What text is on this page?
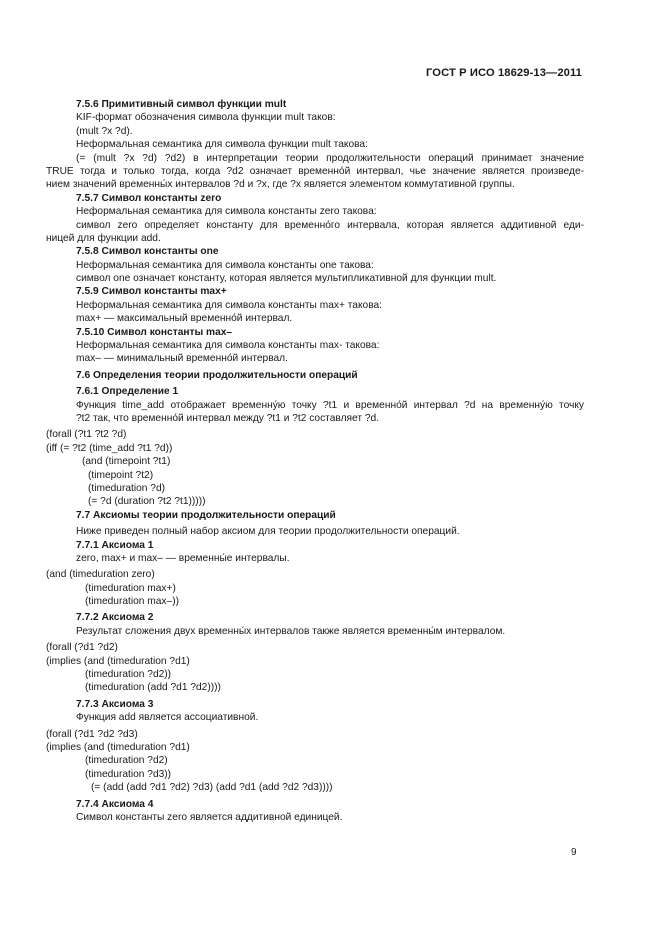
ГОСТ Р ИСО 18629-13—2011
7.5.6 Примитивный символ функции mult
KIF-формат обозначения символа функции mult таков:
(mult ?x ?d).
Неформальная семантика для символа функции mult такова:
(= (mult ?x ?d) ?d2) в интерпретации теории продолжительности операций принимает значение
TRUE тогда и только тогда, когда ?d2 означает временно́й интервал, чье значение является произведе-
нием значений временны́х интервалов ?d и ?x, где ?x является элементом коммутативной группы.
7.5.7 Символ константы zero
Неформальная семантика для символа константы zero такова:
символ zero определяет константу для временно́го интервала, которая является аддитивной еди-
ницей для функции add.
7.5.8 Символ константы one
Неформальная семантика для символа константы one такова:
символ one означает константу, которая является мультипликативной для функции mult.
7.5.9 Символ константы max+
Неформальная семантика для символа константы max+ такова:
max+ — максимальный временно́й интервал.
7.5.10 Символ константы max–
Неформальная семантика для символа константы max- такова:
max– — минимальный временно́й интервал.
7.6 Определения теории продолжительности операций
7.6.1 Определение 1
Функция time_add отображает временну́ю точку ?t1 и временно́й интервал ?d на временну́ю точку
?t2 так, что временно́й интервал между ?t1 и ?t2 составляет ?d.
(forall (?t1 ?t2 ?d)
(iff (= ?t2 (time_add ?t1 ?d))
(and (timepoint ?t1)
(timepoint ?t2)
(timeduration ?d)
(= ?d (duration ?t2 ?t1)))))
7.7 Аксиомы теории продолжительности операций
Ниже приведен полный набор аксиом для теории продолжительности операций.
7.7.1 Аксиома 1
zero, max+ и max– — временны́е интервалы.
(and (timeduration zero)
(timeduration max+)
(timeduration max–))
7.7.2 Аксиома 2
Результат сложения двух временны́х интервалов также является временны́м интервалом.
(forall (?d1 ?d2)
(implies (and (timeduration ?d1)
(timeduration ?d2))
(timeduration (add ?d1 ?d2))))
7.7.3 Аксиома 3
Функция add является ассоциативной.
(forall (?d1 ?d2 ?d3)
(implies (and (timeduration ?d1)
(timeduration ?d2)
(timeduration ?d3))
(= (add (add ?d1 ?d2) ?d3) (add ?d1 (add ?d2 ?d3))))
7.7.4 Аксиома 4
Символ константы zero является аддитивной единицей.
9
